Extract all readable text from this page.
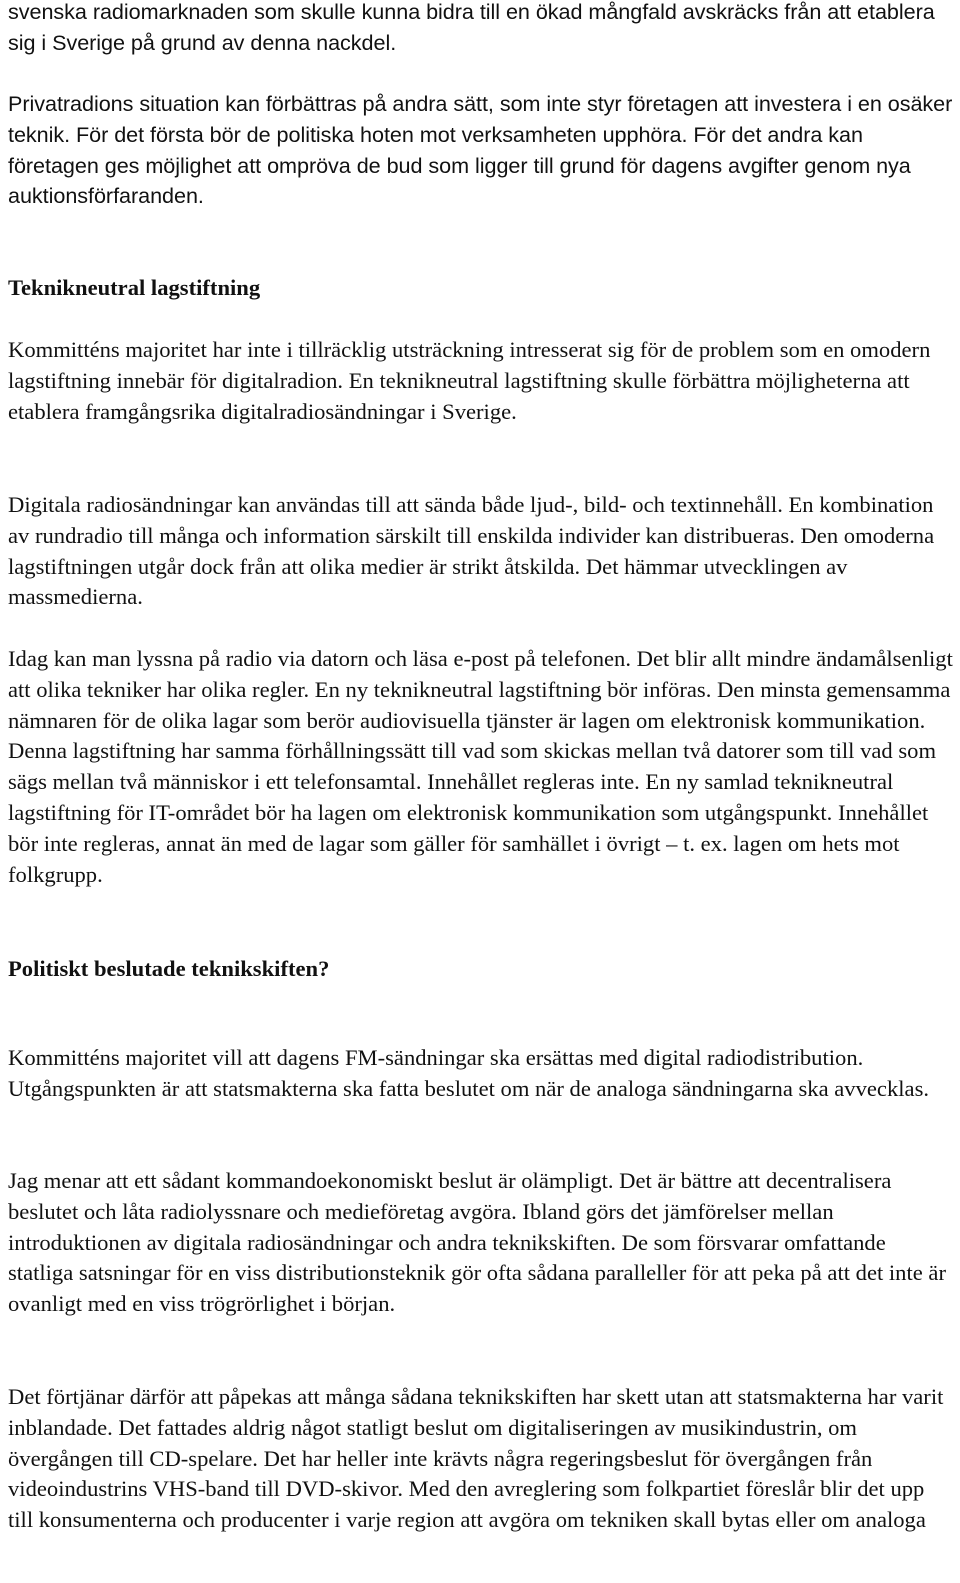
svenska radiomarknaden som skulle kunna bidra till en ökad mångfald avskräcks från att etablera sig i Sverige på grund av denna nackdel.

Privatradions situation kan förbättras på andra sätt, som inte styr företagen att investera i en osäker teknik. För det första bör de politiska hoten mot verksamheten upphöra. För det andra kan företagen ges möjlighet att ompröva de bud som ligger till grund för dagens avgifter genom nya auktionsförfaranden.

Teknikneutral lagstiftning

Kommitténs majoritet har inte i tillräcklig utsträckning intresserat sig för de problem som en omodern lagstiftning innebär för digitalradion. En teknikneutral lagstiftning skulle förbättra möjligheterna att etablera framgångsrika digitalradiosändningar i Sverige.

Digitala radiosändningar kan användas till att sända både ljud-, bild- och textinnehåll. En kombination av rundradio till många och information särskilt till enskilda individer kan distribueras. Den omoderna lagstiftningen utgår dock från att olika medier är strikt åtskilda. Det hämmar utvecklingen av massmedierna.

Idag kan man lyssna på radio via datorn och läsa e-post på telefonen. Det blir allt mindre ändamålsenligt att olika tekniker har olika regler. En ny teknikneutral lagstiftning bör införas. Den minsta gemensamma nämnaren för de olika lagar som berör audiovisuella tjänster är lagen om elektronisk kommunikation. Denna lagstiftning har samma förhållningssätt till vad som skickas mellan två datorer som till vad som sägs mellan två människor i ett telefonsamtal. Innehållet regleras inte. En ny samlad teknikneutral lagstiftning för IT-området bör ha lagen om elektronisk kommunikation som utgångspunkt. Innehållet bör inte regleras, annat än med de lagar som gäller för samhället i övrigt – t. ex. lagen om hets mot folkgrupp.

Politiskt beslutade teknikskiften?

Kommitténs majoritet vill att dagens FM-sändningar ska ersättas med digital radiodistribution. Utgångspunkten är att statsmakterna ska fatta beslutet om när de analoga sändningarna ska avvecklas.

Jag menar att ett sådant kommandoekonomiskt beslut är olämpligt. Det är bättre att decentralisera beslutet och låta radiolyssnare och medieföretag avgöra. Ibland görs det jämförelser mellan introduktionen av digitala radiosändningar och andra teknikskiften. De som försvarar omfattande statliga satsningar för en viss distributionsteknik gör ofta sådana paralleller för att peka på att det inte är ovanligt med en viss trögrörlighet i början.

Det förtjänar därför att påpekas att många sådana teknikskiften har skett utan att statsmakterna har varit inblandade. Det fattades aldrig något statligt beslut om digitaliseringen av musikindustrin, om övergången till CD-spelare. Det har heller inte krävts några regeringsbeslut för övergången från videoindustrins VHS-band till DVD-skivor. Med den avreglering som folkpartiet föreslår blir det upp till konsumenterna och producenter i varje region att avgöra om tekniken skall bytas eller om analoga
